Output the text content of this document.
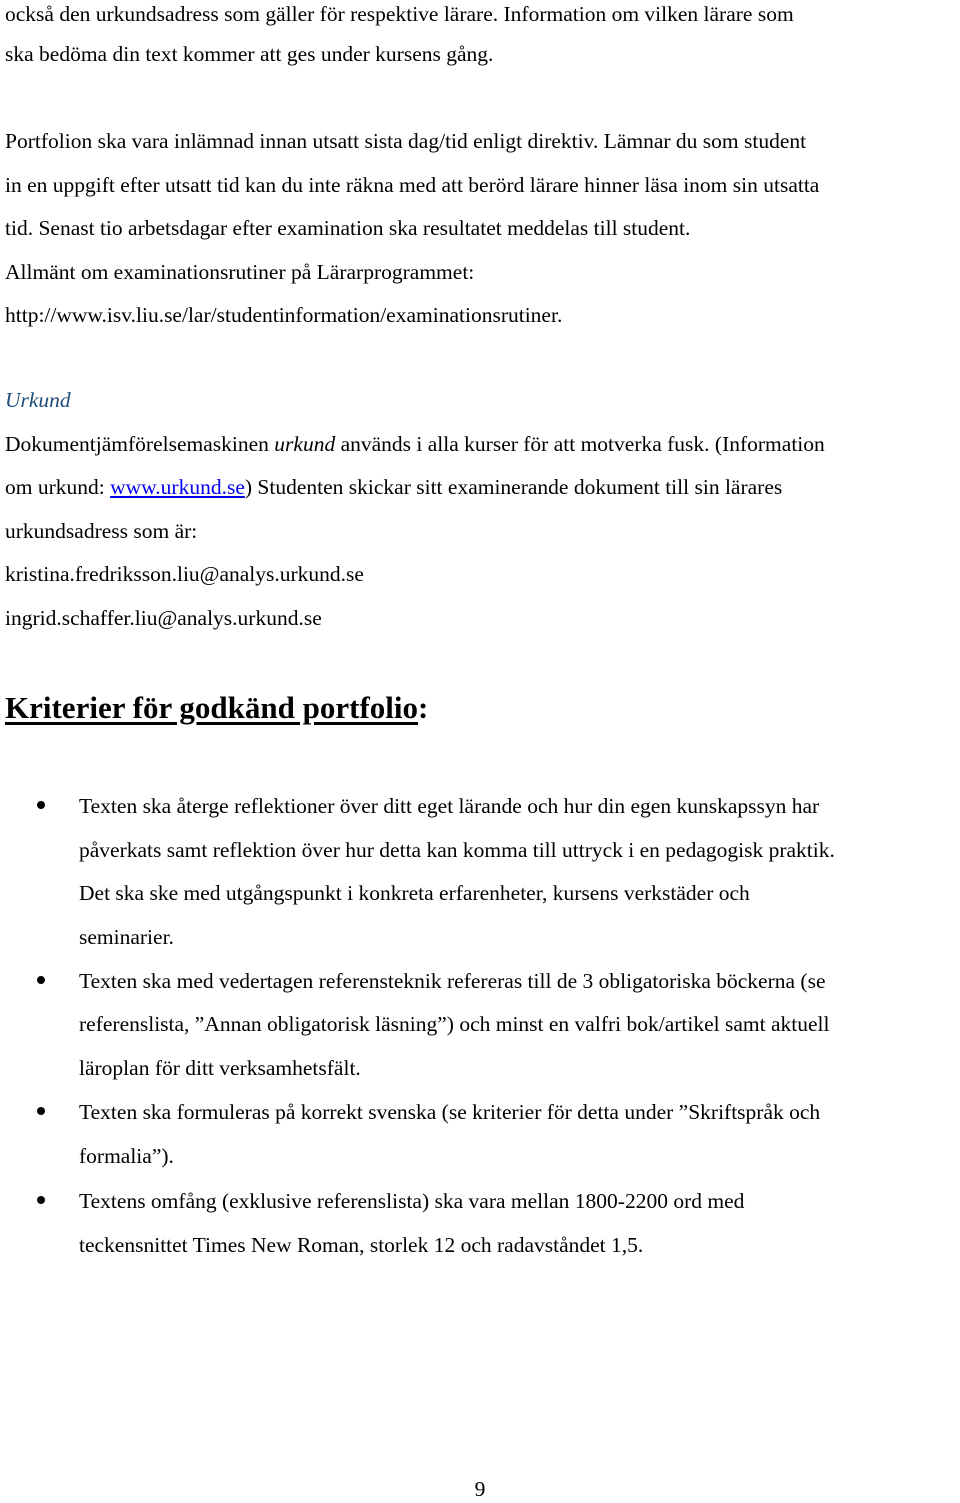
också den urkundsadress som gäller för respektive lärare. Information om vilken lärare som
ska bedöma din text kommer att ges under kursens gång.
Portfolion ska vara inlämnad innan utsatt sista dag/tid enligt direktiv. Lämnar du som student
in en uppgift efter utsatt tid kan du inte räkna med att berörd lärare hinner läsa inom sin utsatta
tid. Senast tio arbetsdagar efter examination ska resultatet meddelas till student.
Allmänt om examinationsrutiner på Lärarprogrammet:
http://www.isv.liu.se/lar/studentinformation/examinationsrutiner.
Urkund
Dokumentjämförelsemaskinen urkund används i alla kurser för att motverka fusk. (Information
om urkund: www.urkund.se) Studenten skickar sitt examinerande dokument till sin lärares
urkundsadress som är:
kristina.fredriksson.liu@analys.urkund.se
ingrid.schaffer.liu@analys.urkund.se
Kriterier för godkänd portfolio:
Texten ska återge reflektioner över ditt eget lärande och hur din egen kunskapssyn har
påverkats samt reflektion över hur detta kan komma till uttryck i en pedagogisk praktik.
Det ska ske med utgångspunkt i konkreta erfarenheter, kursens verkstäder och
seminarier.
Texten ska med vedertagen referensteknik refereras till de 3 obligatoriska böckerna (se
referenslista, ”Annan obligatorisk läsning”) och minst en valfri bok/artikel samt aktuell
läroplan för ditt verksamhetsfält.
Texten ska formuleras på korrekt svenska (se kriterier för detta under ”Skriftspråk och
formalia”).
Textens omfång (exklusive referenslista) ska vara mellan 1800-2200 ord med
teckensnittet Times New Roman, storlek 12 och radavståndet 1,5.
9
